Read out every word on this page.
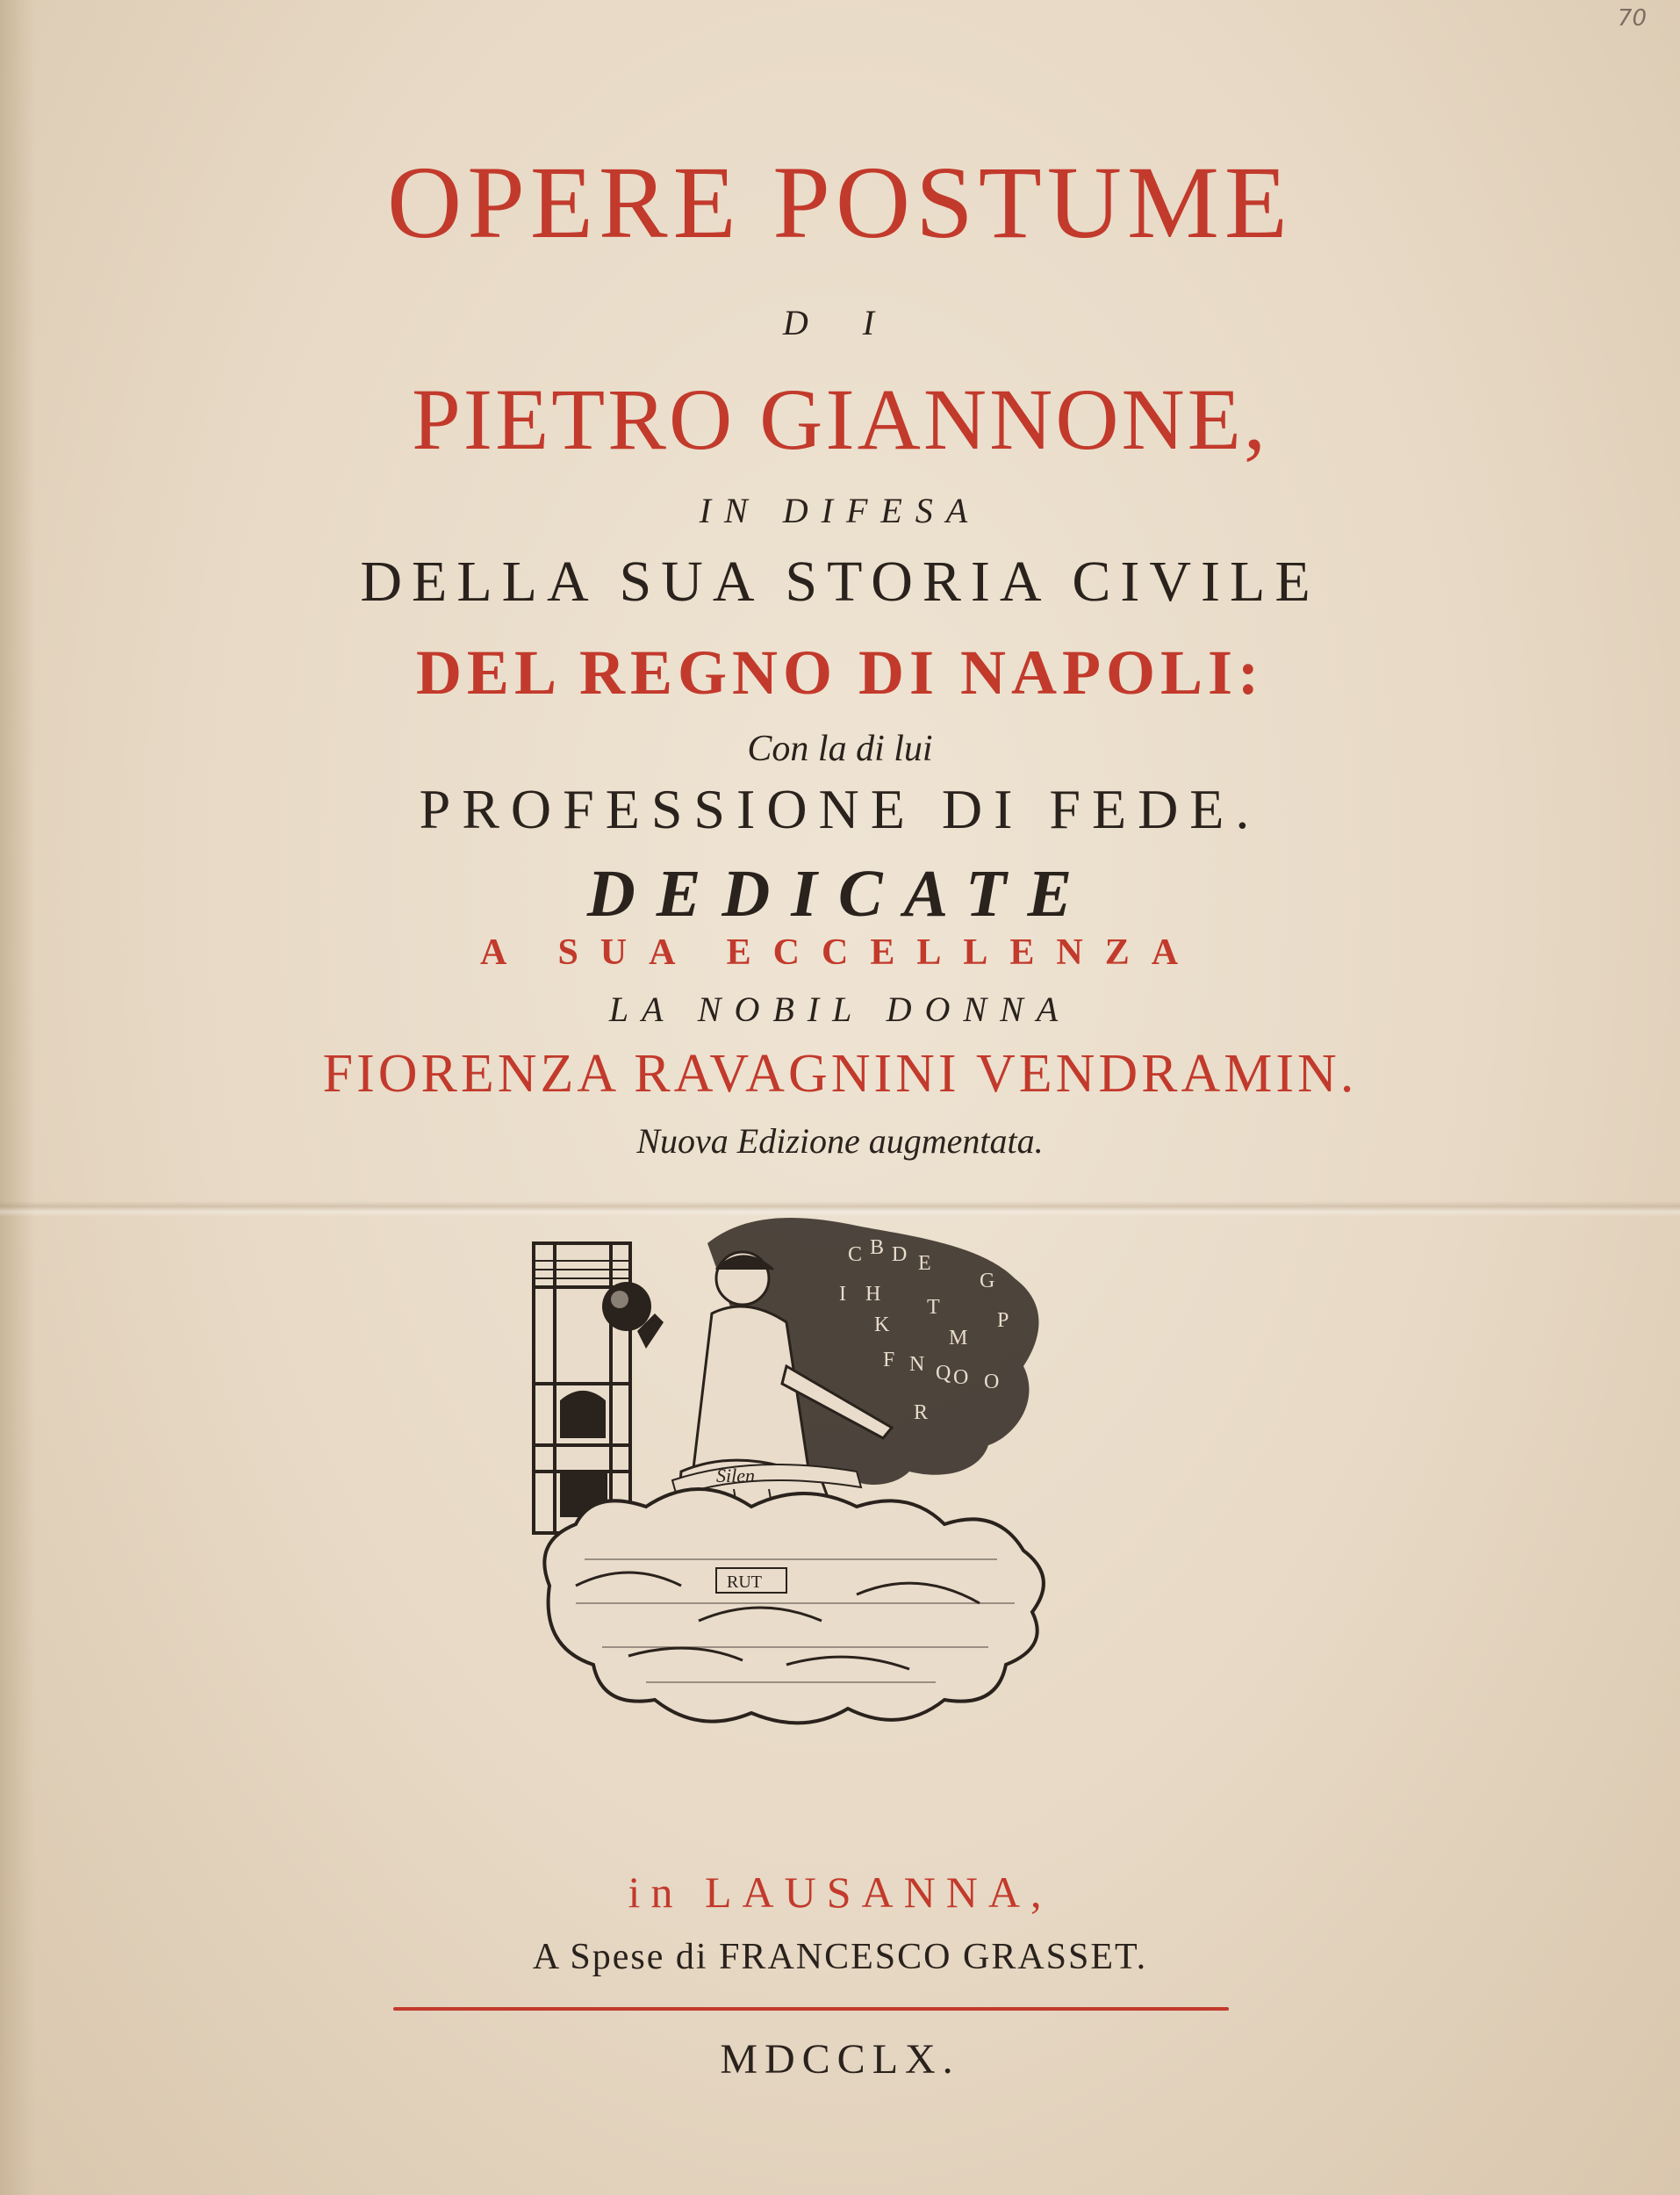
70
OPERE POSTUME
D I
PIETRO GIANNONE,
IN DIFESA
DELLA SUA STORIA CIVILE
DEL REGNO DI NAPOLI:
Con la di lui
PROFESSIONE DI FEDE.
DEDICATE
A SUA ECCELLENZA
LA NOBIL DONNA
FIORENZA RAVAGNINI VENDRAMIN.
Nuova Edizione augmentata.
C B D E
G
I H
K
T
M
P
O
N
F
Q O
R
Silen
RUT
in LAUSANNA,
A Spese di FRANCESCO GRASSET.
MDCCLX.
